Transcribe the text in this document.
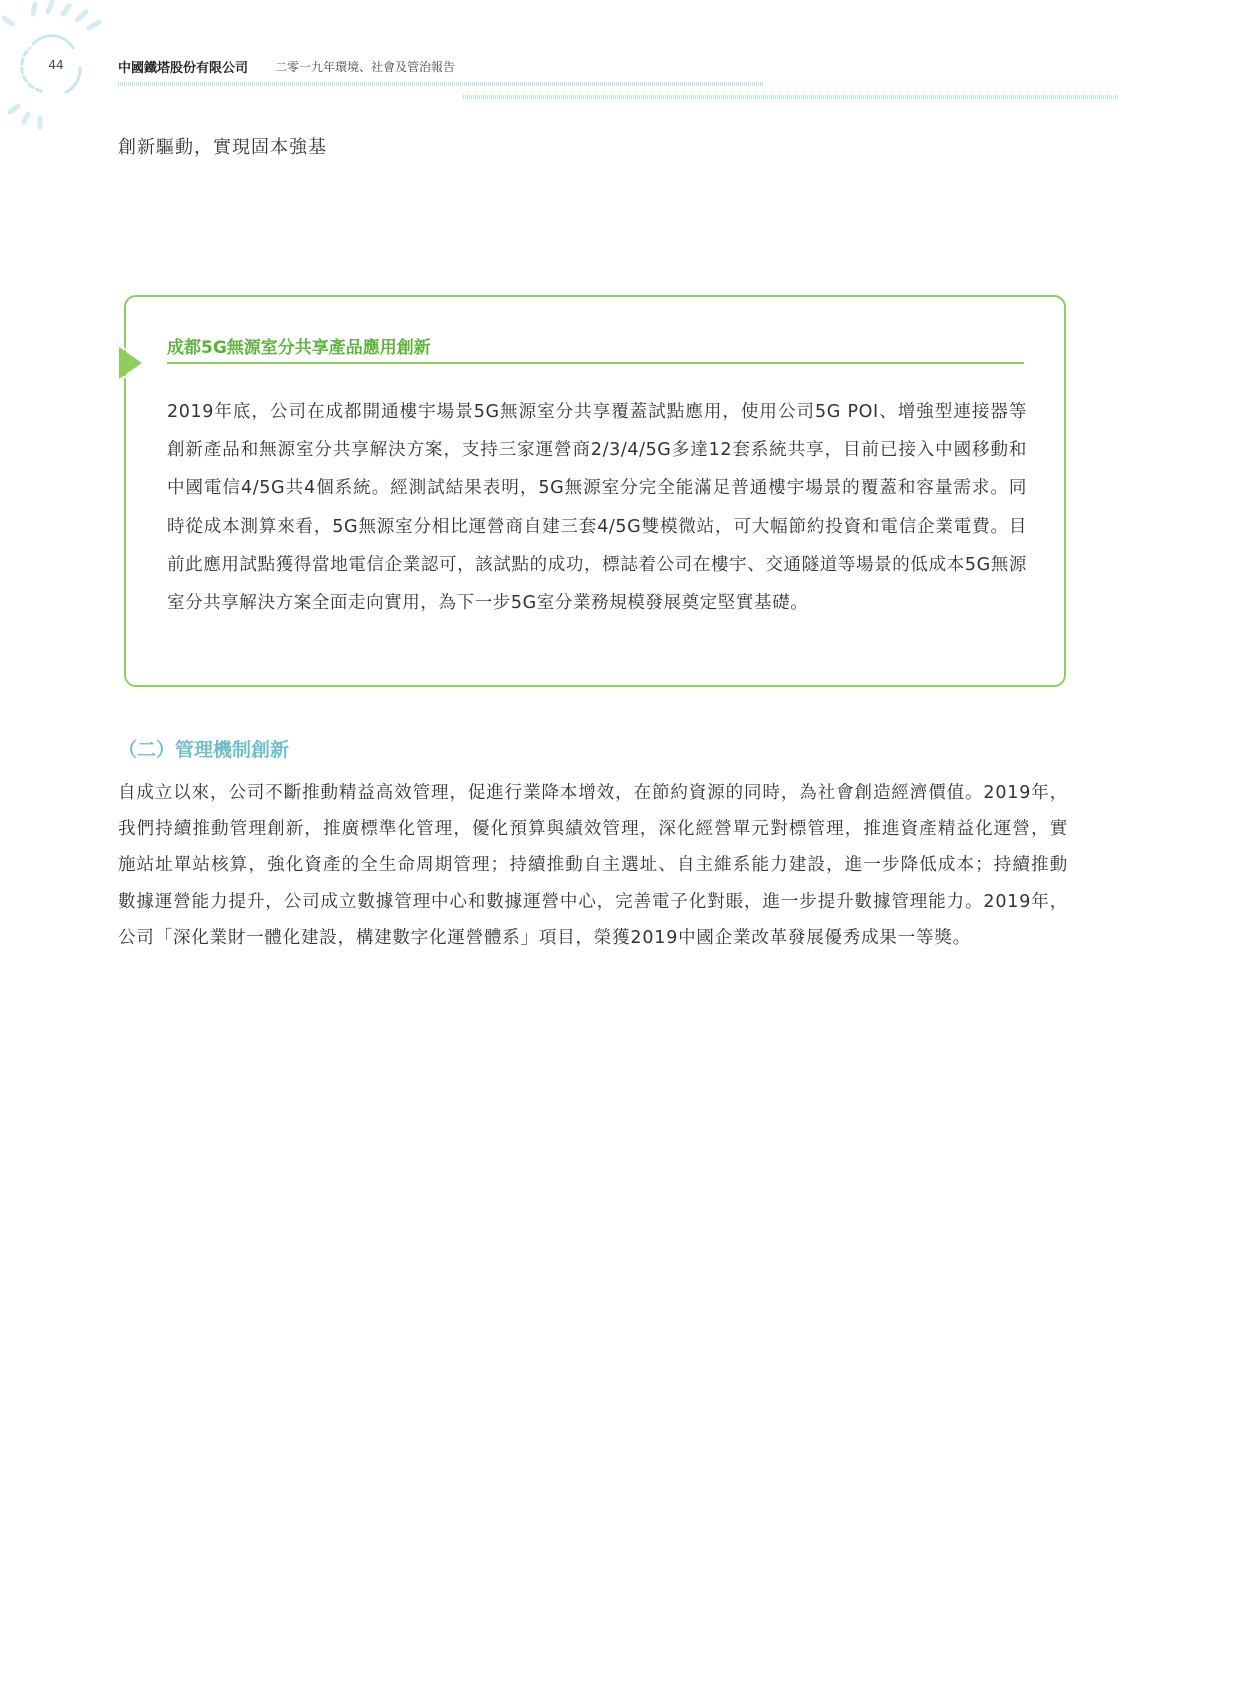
44	中國鐵塔股份有限公司 二零一九年環境、社會及管治報告
創新驅動，實現固本強基
成都5G無源室分共享產品應用創新

2019年底，公司在成都開通樓宇場景5G無源室分共享覆蓋試點應用，使用公司5G POI、增強型連接器等創新產品和無源室分共享解決方案，支持三家運營商2/3/4/5G多達12套系統共享，目前已接入中國移動和中國電信4/5G共4個系統。經測試結果表明，5G無源室分完全能滿足普通樓宇場景的覆蓋和容量需求。同時從成本測算來看，5G無源室分相比運營商自建三套4/5G雙模微站，可大幅節約投資和電信企業電費。目前此應用試點獲得當地電信企業認可，該試點的成功，標誌着公司在樓宇、交通隧道等場景的低成本5G無源室分共享解決方案全面走向實用，為下一步5G室分業務規模發展奠定堅實基礎。

（二）管理機制創新

自成立以來，公司不斷推動精益高效管理，促進行業降本增效，在節約資源的同時，為社會創造經濟價值。2019年，我們持續推動管理創新，推廣標準化管理，優化預算與績效管理，深化經營單元對標管理，推進資產精益化運營，實施站址單站核算，強化資產的全生命周期管理；持續推動自主選址、自主維系能力建設，進一步降低成本；持續推動數據運營能力提升，公司成立數據管理中心和數據運營中心，完善電子化對賬，進一步提升數據管理能力。2019年，公司「深化業財一體化建設，構建數字化運營體系」項目，榮獲2019中國企業改革發展優秀成果一等獎。
